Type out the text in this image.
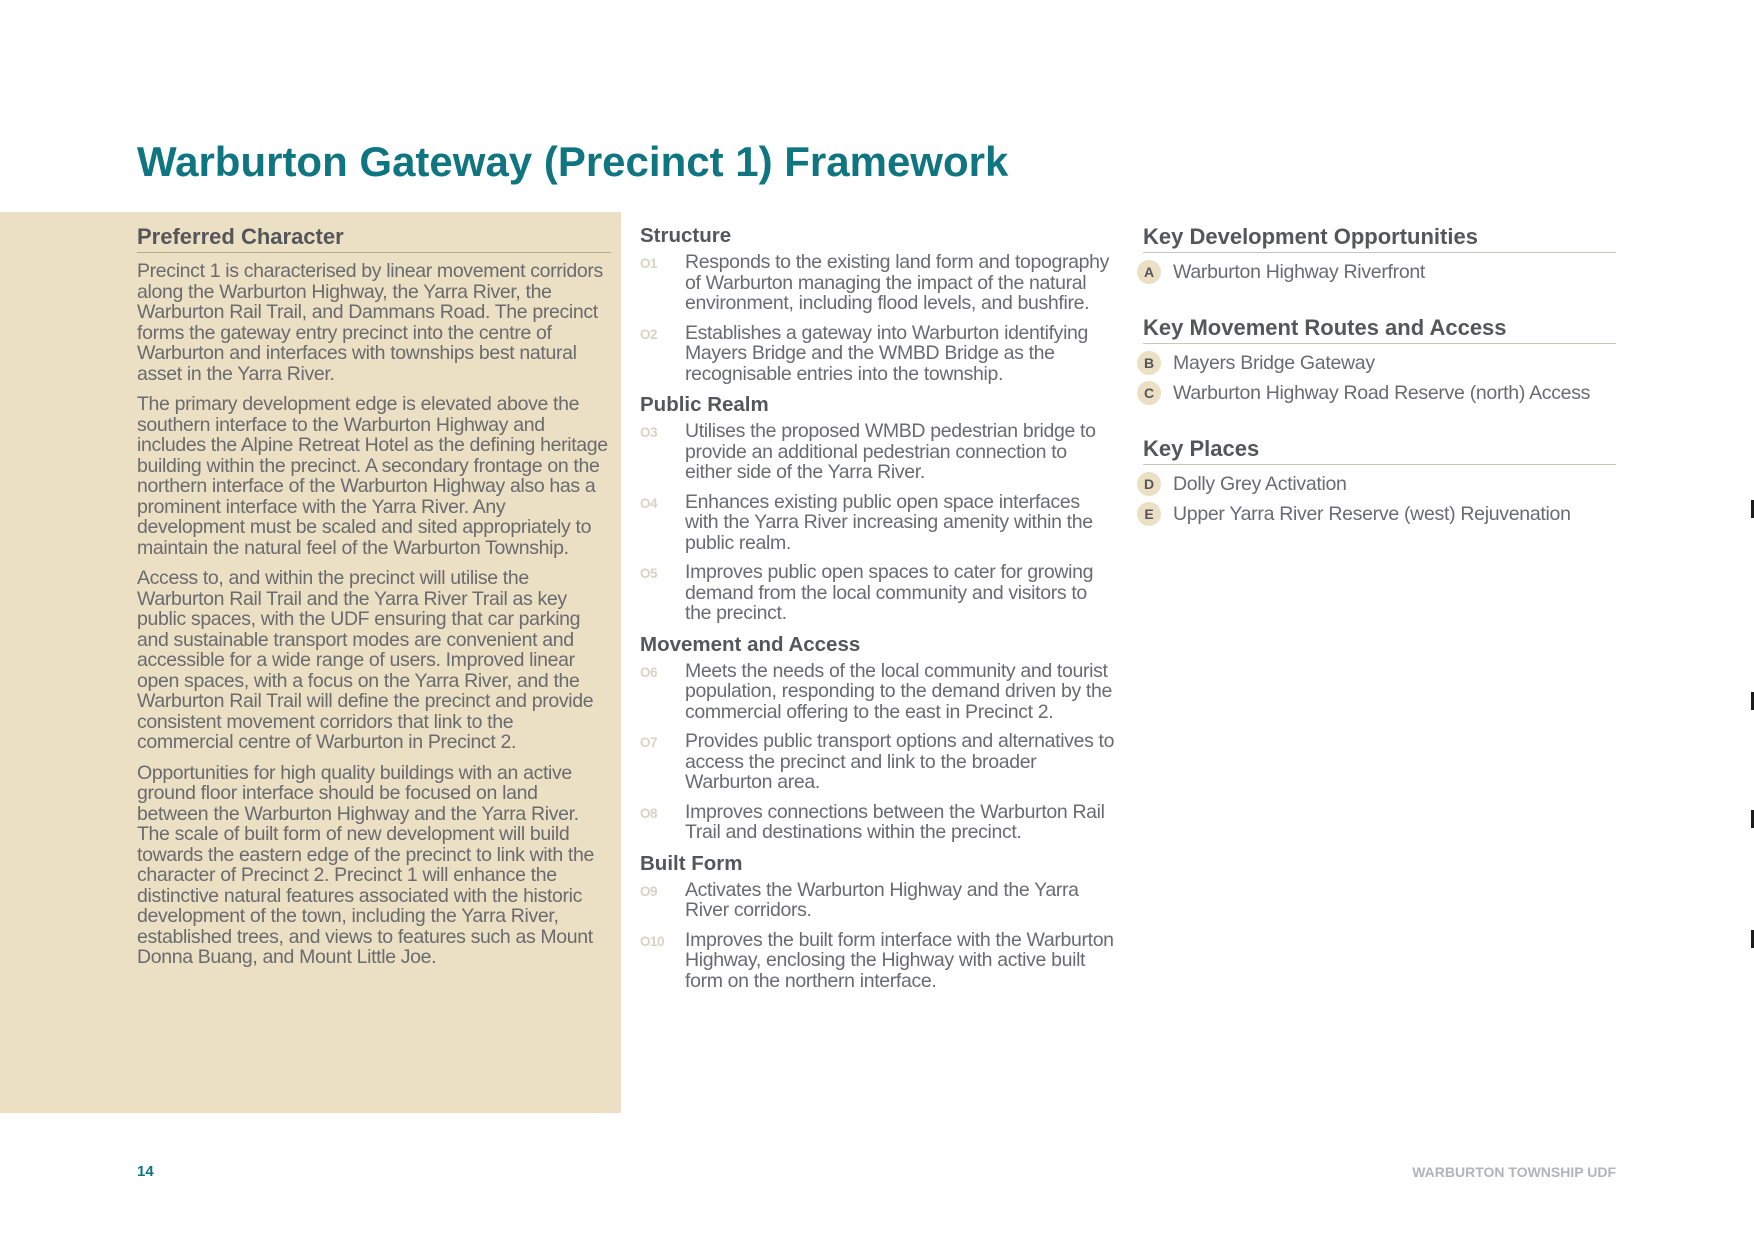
Warburton Gateway (Precinct 1) Framework
Preferred Character

Precinct 1 is characterised by linear movement corridors along the Warburton Highway, the Yarra River, the Warburton Rail Trail, and Dammans Road. The precinct forms the gateway entry precinct into the centre of Warburton and interfaces with townships best natural asset in the Yarra River.

The primary development edge is elevated above the southern interface to the Warburton Highway and includes the Alpine Retreat Hotel as the defining heritage building within the precinct. A secondary frontage on the northern interface of the Warburton Highway also has a prominent interface with the Yarra River. Any development must be scaled and sited appropriately to maintain the natural feel of the Warburton Township.

Access to, and within the precinct will utilise the Warburton Rail Trail and the Yarra River Trail as key public spaces, with the UDF ensuring that car parking and sustainable transport modes are convenient and accessible for a wide range of users. Improved linear open spaces, with a focus on the Yarra River, and the Warburton Rail Trail will define the precinct and provide consistent movement corridors that link to the commercial centre of Warburton in Precinct 2.

Opportunities for high quality buildings with an active ground floor interface should be focused on land between the Warburton Highway and the Yarra River. The scale of built form of new development will build towards the eastern edge of the precinct to link with the character of Precinct 2. Precinct 1 will enhance the distinctive natural features associated with the historic development of the town, including the Yarra River, established trees, and views to features such as Mount Donna Buang, and Mount Little Joe.

Structure
O1	Responds to the existing land form and topography of Warburton managing the impact of the natural environment, including flood levels, and bushfire.
O2	Establishes a gateway into Warburton identifying Mayers Bridge and the WMBD Bridge as the recognisable entries into the township.
Public Realm
O3	Utilises the proposed WMBD pedestrian bridge to provide an additional pedestrian connection to either side of the Yarra River.
O4	Enhances existing public open space interfaces with the Yarra River increasing amenity within the public realm.
O5	Improves public open spaces to cater for growing demand from the local community and visitors to the precinct.
Movement and Access
O6	Meets the needs of the local community and tourist population, responding to the demand driven by the commercial offering to the east in Precinct 2.
O7	Provides public transport options and alternatives to access the precinct and link to the broader Warburton area.
O8	Improves connections between the Warburton Rail Trail and destinations within the precinct.
Built Form
O9	Activates the Warburton Highway and the Yarra River corridors.
O10	Improves the built form interface with the Warburton Highway, enclosing the Highway with active built form on the northern interface.
Key Development Opportunities
A Warburton Highway Riverfront
Key Movement Routes and Access
B Mayers Bridge Gateway
C Warburton Highway Road Reserve (north) Access
Key Places
D Dolly Grey Activation
E Upper Yarra River Reserve (west) Rejuvenation
14	WARBURTON TOWNSHIP UDF
